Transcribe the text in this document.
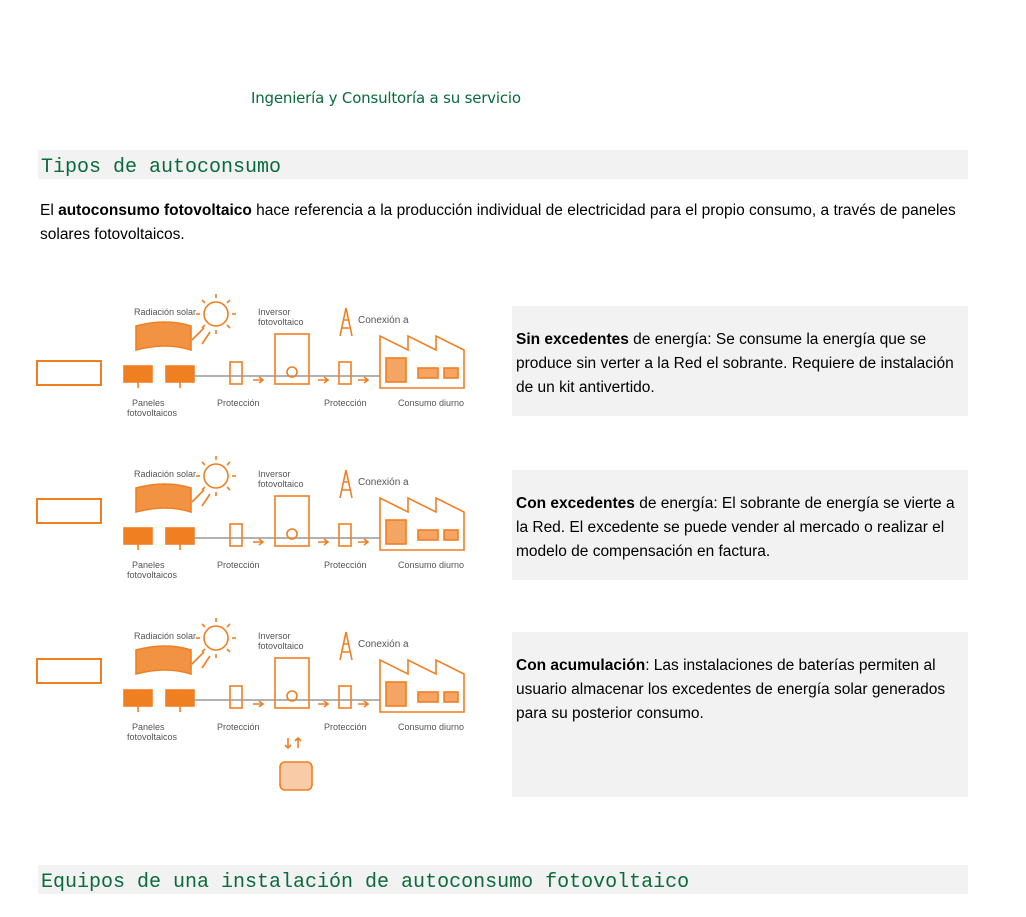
Ingeniería y Consultoría a su servicio
Tipos de autoconsumo
El autoconsumo fotovoltaico hace referencia a la producción individual de electricidad para el propio consumo, a través de paneles solares fotovoltaicos.
Radiación solar	Inversor
fotovoltaico	Conexión a
Paneles
fotovoltaicos
Protección	Protección	Consumo diurno
Sin excedentes de energía: Se consume la energía que se produce sin verter a la Red el sobrante. Requiere de instalación de un kit antivertido.
Radiación solar	Inversor
fotovoltaico	Conexión a
Paneles
fotovoltaicos
Protección	Protección	Consumo diurno
Con excedentes de energía: El sobrante de energía se vierte a la Red. El excedente se puede vender al mercado o realizar el modelo de compensación en factura.
Radiación solar	Inversor
fotovoltaico	Conexión a
Paneles
fotovoltaicos
Protección	Protección	Consumo diurno
Con acumulación: Las instalaciones de baterías permiten al usuario almacenar los excedentes de energía solar generados para su posterior consumo.
Equipos de una instalación de autoconsumo fotovoltaico
